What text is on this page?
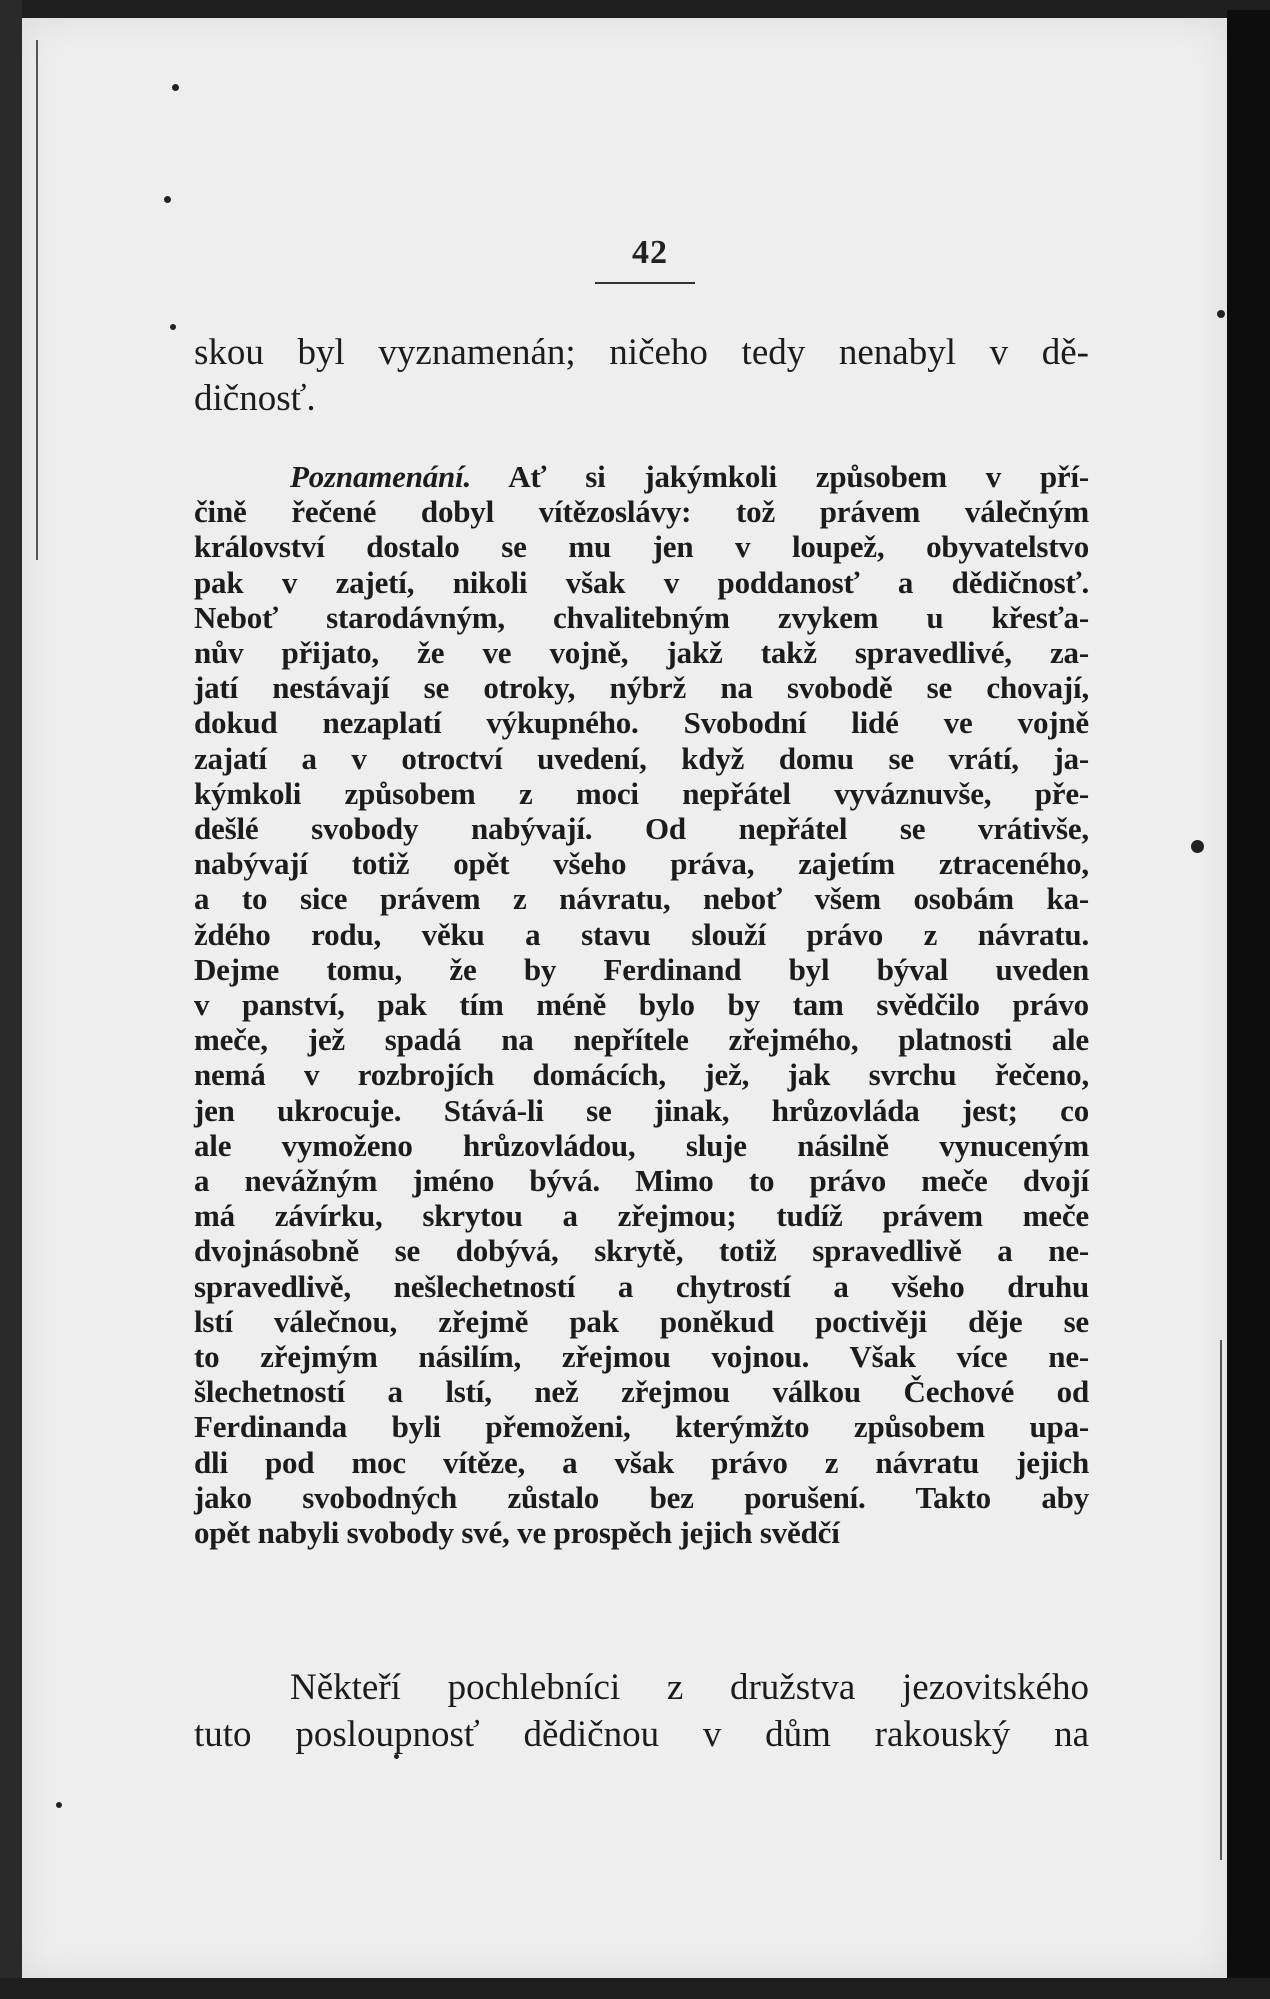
42
skou byl vyznamenán; ničeho tedy nenabyl v dě-
dičnosť.
Poznamenání. Ať si jakýmkoli způsobem v pří-
čině řečené dobyl vítězoslávy: tož právem válečným
království dostalo se mu jen v loupež, obyvatelstvo
pak v zajetí, nikoli však v poddanosť a dědičnosť.
Neboť starodávným, chvalitebným zvykem u křesťa-
nův přijato, že ve vojně, jakž takž spravedlivé, za-
jatí nestávají se otroky, nýbrž na svobodě se chovají,
dokud nezaplatí výkupného. Svobodní lidé ve vojně
zajatí a v otroctví uvedení, když domu se vrátí, ja-
kýmkoli způsobem z moci nepřátel vyváznuvše, pře-
dešlé svobody nabývají. Od nepřátel se vrátivše,
nabývají totiž opět všeho práva, zajetím ztraceného,
a to sice právem z návratu, neboť všem osobám ka-
ždého rodu, věku a stavu slouží právo z návratu.
Dejme tomu, že by Ferdinand byl býval uveden
v panství, pak tím méně bylo by tam svědčilo právo
meče, jež spadá na nepřítele zřejmého, platnosti ale
nemá v rozbrojích domácích, jež, jak svrchu řečeno,
jen ukrocuje. Stává-li se jinak, hrůzovláda jest; co
ale vymoženo hrůzovládou, sluje násilně vynuceným
a nevážným jméno bývá. Mimo to právo meče dvojí
má závírku, skrytou a zřejmou; tudíž právem meče
dvojnásobně se dobývá, skrytě, totiž spravedlivě a ne-
spravedlivě, nešlechetností a chytrostí a všeho druhu
lstí válečnou, zřejmě pak poněkud poctivěji děje se
to zřejmým násilím, zřejmou vojnou. Však více ne-
šlechetností a lstí, než zřejmou válkou Čechové od
Ferdinanda byli přemoženi, kterýmžto způsobem upa-
dli pod moc vítěze, a však právo z návratu jejich
jako svobodných zůstalo bez porušení. Takto aby
opět nabyli svobody své, ve prospěch jejich svědčí
Někteří pochlebníci z družstva jezovitského
tuto posloupnosť dědičnou v dům rakouský na
